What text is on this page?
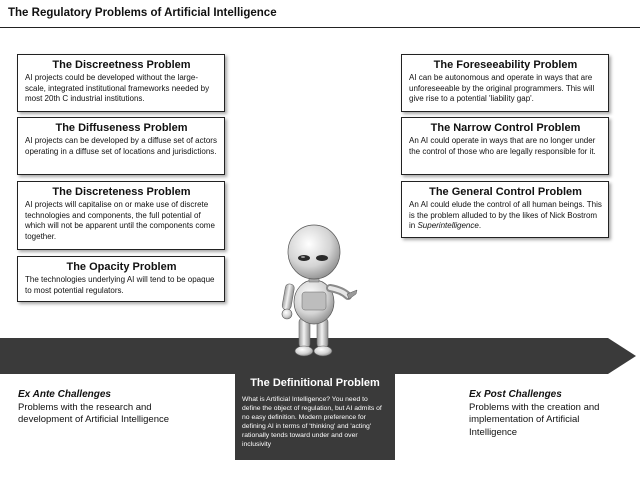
The Regulatory Problems of Artificial Intelligence
The Discreetness Problem

AI projects could be developed without the large-scale, integrated institutional frameworks needed by most 20th C industrial institutions.

The Diffuseness Problem

AI projects can be developed by a diffuse set of actors operating in a diffuse set of locations and jurisdictions.

The Discreteness Problem

AI projects will capitalise on or make use of discrete technologies and components, the full potential of which will not be apparent until the components come together.

The Opacity Problem

The technologies underlying AI will tend to be opaque to most potential regulators.

The Foreseeability Problem

AI can be autonomous and operate in ways that are unforeseeable by the original programmers. This will give rise to a potential 'liability gap'.

The Narrow Control Problem

An AI could operate in ways that are no longer under the control of those who are legally responsible for it.

The General Control Problem

An AI could elude the control of all human beings. This is the problem alluded to by the likes of Nick Bostrom in Superintelligence.

Ex Ante Challenges
Problems with the research and development of Artificial Intelligence
The Definitional Problem

What is Artificial Intelligence? You need to define the object of regulation, but AI admits of no easy definition. Modern preference for defining AI in terms of 'thinking' and 'acting' rationally tends toward under and over inclusivity

Ex Post Challenges
Problems with the creation and implementation of Artificial Intelligence
